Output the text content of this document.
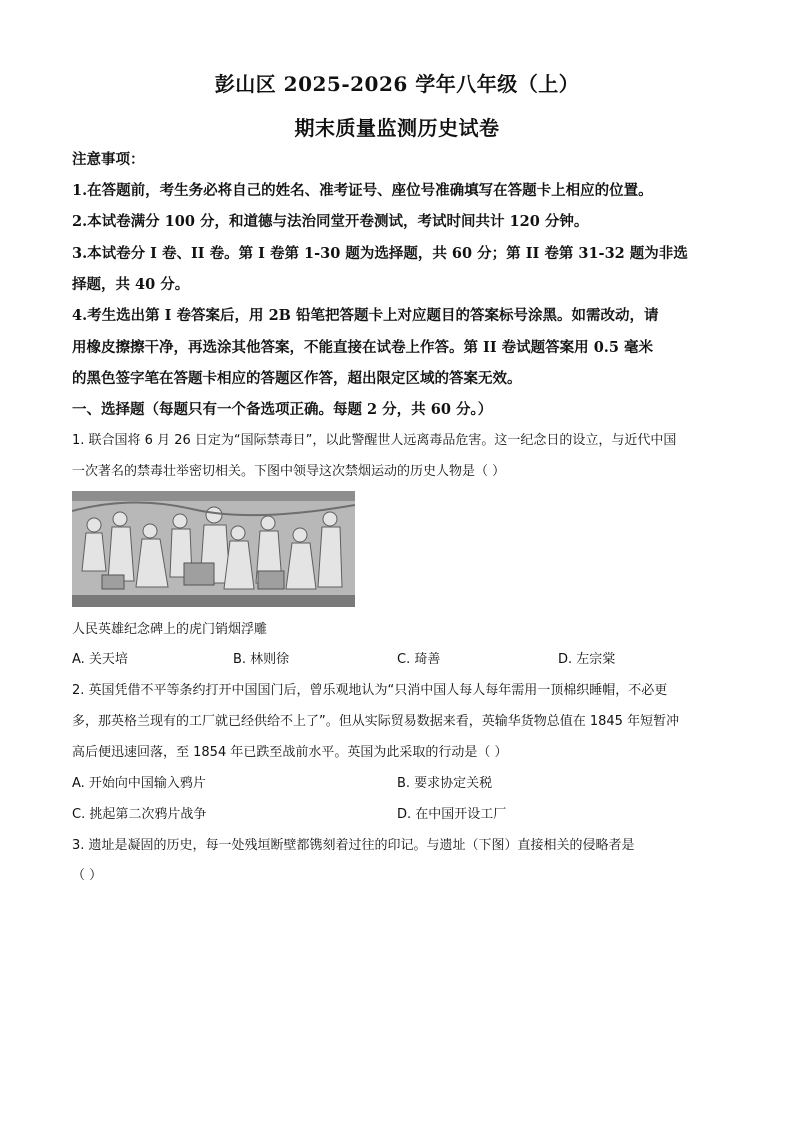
彭山区 2025-2026 学年八年级（上）
期末质量监测历史试卷
注意事项：
1.在答题前，考生务必将自己的姓名、准考证号、座位号准确填写在答题卡上相应的位置。
2.本试卷满分 100 分，和道德与法治同堂开卷测试，考试时间共计 120 分钟。
3.本试卷分 I 卷、II 卷。第 I 卷第 1-30 题为选择题，共 60 分；第 II 卷第 31-32 题为非选
择题，共 40 分。
4.考生选出第 I 卷答案后，用 2B 铅笔把答题卡上对应题目的答案标号涂黑。如需改动，请
用橡皮擦擦干净，再选涂其他答案，不能直接在试卷上作答。第 II 卷试题答案用 0.5 毫米
的黑色签字笔在答题卡相应的答题区作答，超出限定区域的答案无效。
一、选择题（每题只有一个备选项正确。每题 2 分，共 60 分。）
1. 联合国将 6 月 26 日定为“国际禁毒日”，以此警醒世人远离毒品危害。这一纪念日的设立，与近代中国
一次著名的禁毒壮举密切相关。下图中领导这次禁烟运动的历史人物是（ ）
人民英雄纪念碑上的虎门销烟浮雕
A. 关天培	B. 林则徐	C. 琦善	D. 左宗棠
2. 英国凭借不平等条约打开中国国门后，曾乐观地认为“只消中国人每人每年需用一顶棉织睡帽，不必更
多，那英格兰现有的工厂就已经供给不上了”。但从实际贸易数据来看，英输华货物总值在 1845 年短暂冲
高后便迅速回落，至 1854 年已跌至战前水平。英国为此采取的行动是（ ）
A. 开始向中国输入鸦片	B. 要求协定关税
C. 挑起第二次鸦片战争	D. 在中国开设工厂
3. 遗址是凝固的历史，每一处残垣断壁都镌刻着过往的印记。与遗址（下图）直接相关的侵略者是
（ ）
